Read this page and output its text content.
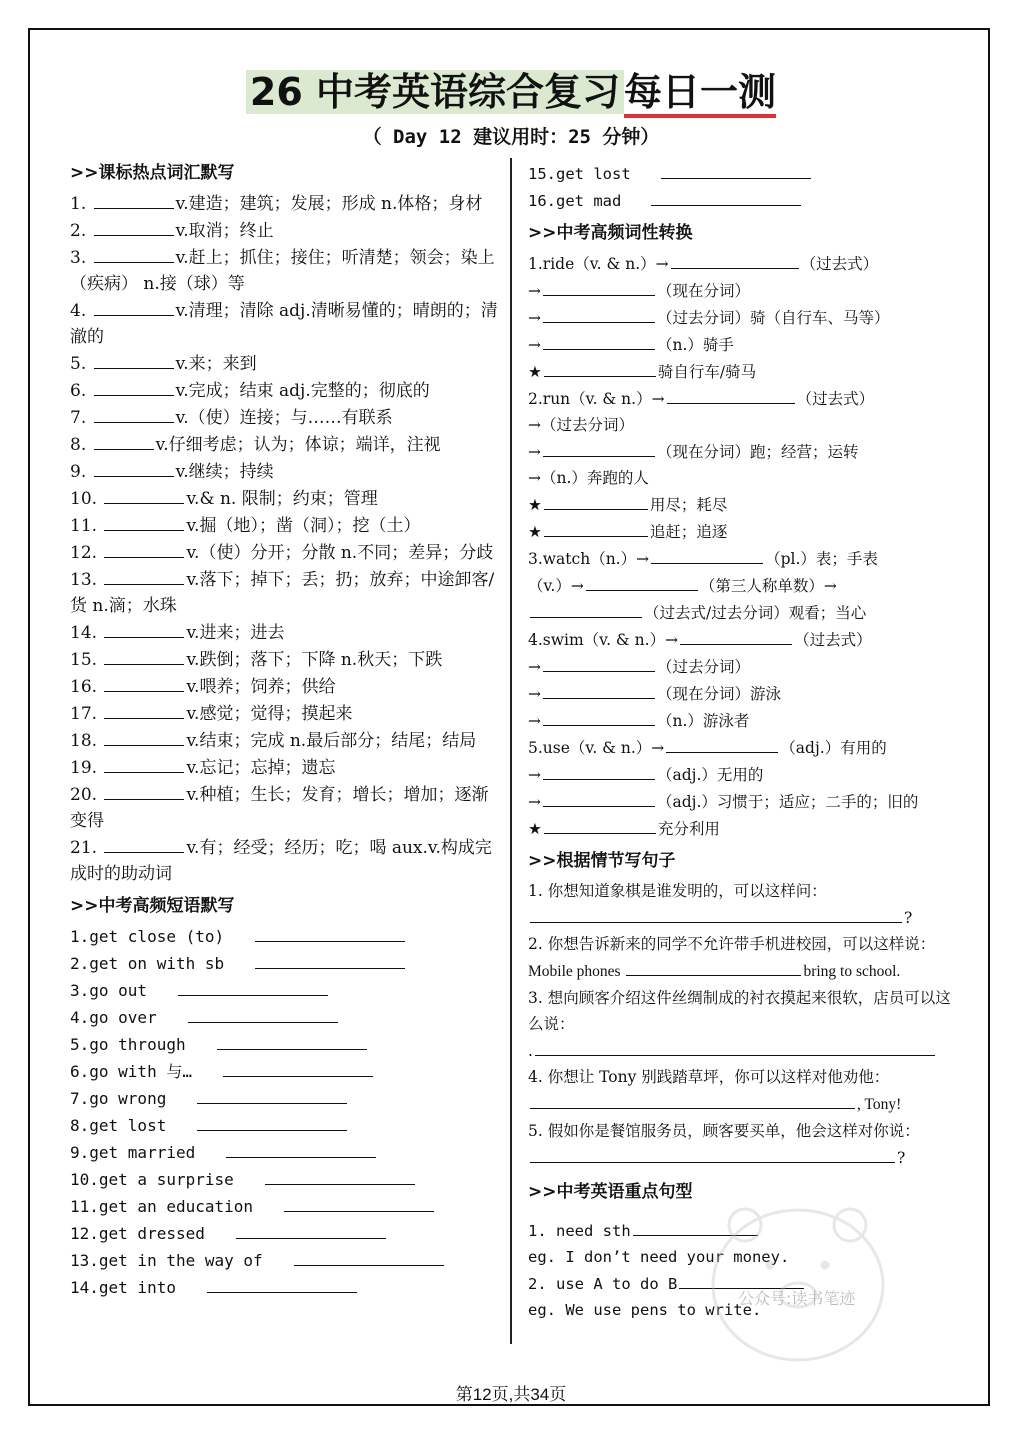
26 中考英语综合复习 每日一测
（ Day 12 建议用时：25 分钟）
>>课标热点词汇默写
1.	v.建造；建筑；发展；形成 n.体格；身材
2.	v.取消；终止
3.	v.赶上；抓住；接住；听清楚；领会；染上（疾病） n.接（球）等
4.	v.清理；清除 adj.清晰易懂的；晴朗的；清澈的
5.	v.来；来到
6.	v.完成；结束 adj.完整的；彻底的
7.	v.（使）连接；与……有联系
8.	v.仔细考虑；认为；体谅；端详，注视
9.	v.继续；持续
10.	v.& n. 限制；约束；管理
11.	v.掘（地）；凿（洞）；挖（土）
12.	v.（使）分开；分散 n.不同；差异；分歧
13.	v.落下；掉下；丢；扔；放弃；中途卸客/货 n.滴；水珠
14.	v.进来；进去
15.	v.跌倒；落下；下降 n.秋天；下跌
16.	v.喂养；饲养；供给
17.	v.感觉；觉得；摸起来
18.	v.结束；完成 n.最后部分；结尾；结局
19.	v.忘记；忘掉；遗忘
20.	v.种植；生长；发育；增长；增加；逐渐变得
21.	v.有；经受；经历；吃；喝 aux.v.构成完成时的助动词
>>中考高频短语默写
1.get close (to)
2.get on with sb
3.go out
4.go over
5.go through
6.go with 与…
7.go wrong
8.get lost
9.get married
10.get a surprise
11.get an education
12.get dressed
13.get in the way of
14.get into
15.get lost
16.get mad
>>中考高频词性转换
1.ride（v. & n.）→	（过去式）
→	（现在分词）
→	（过去分词）骑（自行车、马等）
→	（n.）骑手
★	骑自行车/骑马
2.run（v. & n.）→	（过去式）
→（过去分词）
→	（现在分词）跑；经营；运转
→（n.）奔跑的人
★	用尽；耗尽
★	追赶；追逐
3.watch（n.）→	（pl.）表；手表
（v.）→	（第三人称单数）→
（过去式/过去分词）观看；当心
4.swim（v. & n.）→	（过去式）
→	（过去分词）
→	（现在分词）游泳
→	（n.）游泳者
5.use（v. & n.）→	（adj.）有用的
→	（adj.）无用的
→	（adj.）习惯于；适应；二手的；旧的
★	充分利用
>>根据情节写句子
1. 你想知道象棋是谁发明的，可以这样问：
?
2. 你想告诉新来的同学不允许带手机进校园，可以这样说：
Mobile phones	bring to school.
3. 想向顾客介绍这件丝绸制成的衬衣摸起来很软，店员可以这么说：
.
4. 你想让 Tony 别践踏草坪，你可以这样对他劝他：
, Tony!
5. 假如你是餐馆服务员，顾客要买单，他会这样对你说：
?
>>中考英语重点句型
1. need sth
eg. I don’t need your money.
2. use A to do B
eg. We use pens to write.
公众号:读书笔迹
第12页,共34页
